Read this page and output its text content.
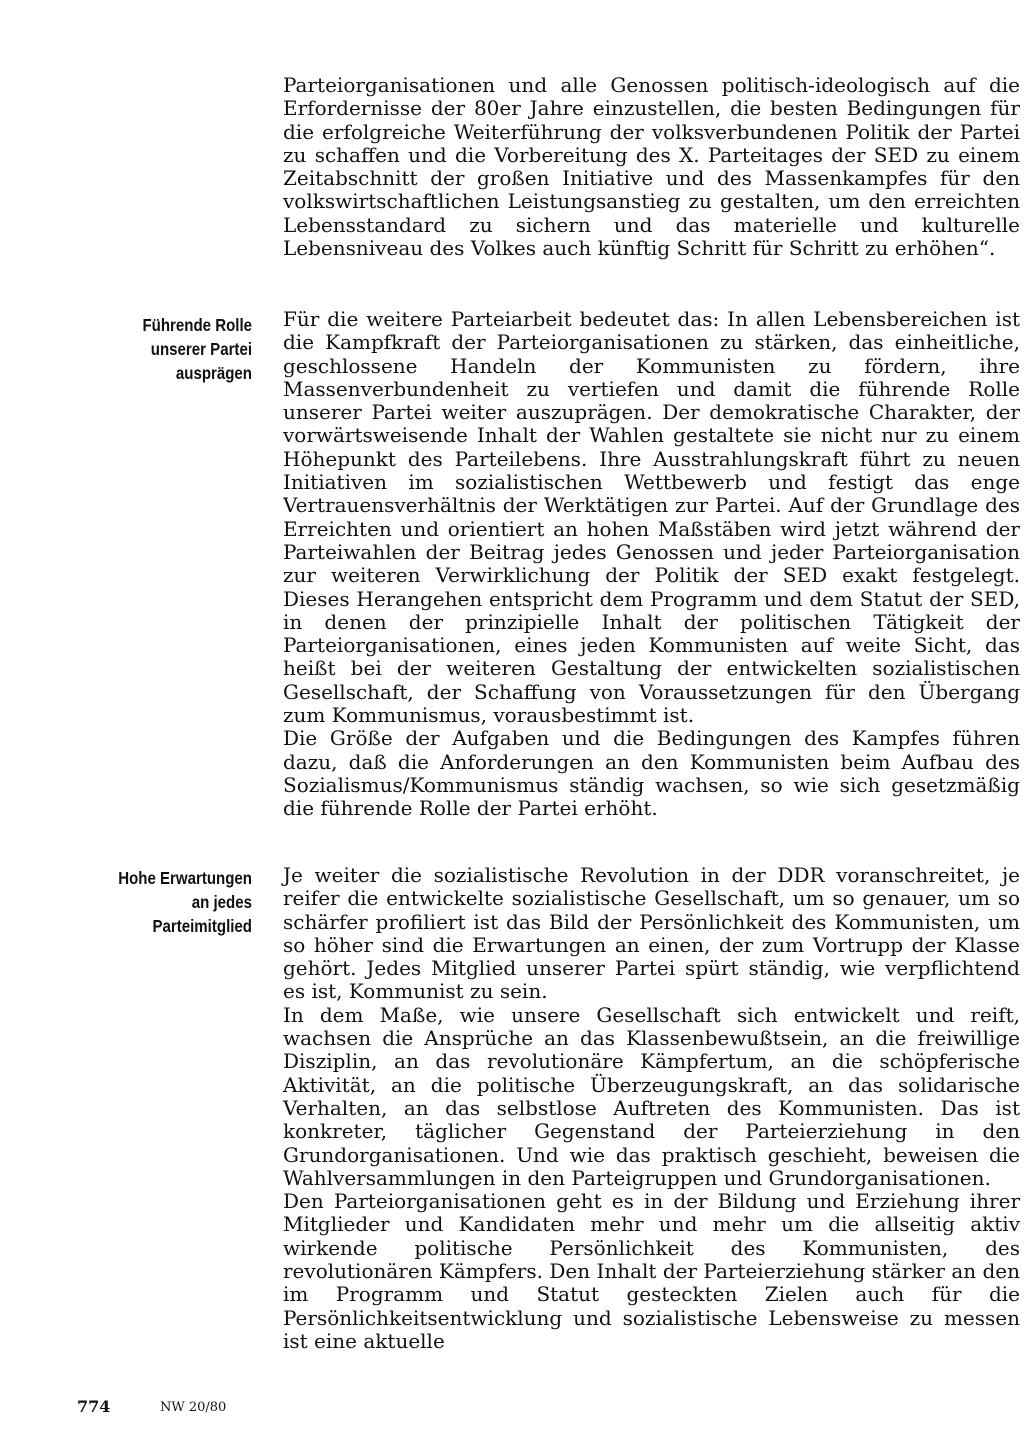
Parteiorganisationen und alle Genossen politisch-ideologisch auf die Erfordernisse der 80er Jahre einzustellen, die besten Bedingungen für die erfolgreiche Weiterführung der volksverbundenen Politik der Partei zu schaffen und die Vorbereitung des X. Parteitages der SED zu einem Zeitabschnitt der großen Initiative und des Massenkampfes für den volkswirtschaftlichen Leistungsanstieg zu gestalten, um den erreichten Lebensstandard zu sichern und das materielle und kulturelle Lebensniveau des Volkes auch künftig Schritt für Schritt zu erhöhen“.

Führende Rolle
unserer Partei
ausprägen
Für die weitere Parteiarbeit bedeutet das: In allen Lebensbereichen ist die Kampfkraft der Parteiorganisationen zu stärken, das einheitliche, geschlossene Handeln der Kommunisten zu fördern, ihre Massenverbundenheit zu vertiefen und damit die führende Rolle unserer Partei weiter auszuprägen. Der demokratische Charakter, der vorwärtsweisende Inhalt der Wahlen gestaltete sie nicht nur zu einem Höhepunkt des Parteilebens. Ihre Ausstrahlungskraft führt zu neuen Initiativen im sozialistischen Wettbewerb und festigt das enge Vertrauensverhältnis der Werktätigen zur Partei. Auf der Grundlage des Erreichten und orientiert an hohen Maßstäben wird jetzt während der Parteiwahlen der Beitrag jedes Genossen und jeder Parteiorganisation zur weiteren Verwirklichung der Politik der SED exakt festgelegt. Dieses Herangehen entspricht dem Programm und dem Statut der SED, in denen der prinzipielle Inhalt der politischen Tätigkeit der Parteiorganisationen, eines jeden Kommunisten auf weite Sicht, das heißt bei der weiteren Gestaltung der entwickelten sozialistischen Gesellschaft, der Schaffung von Voraussetzungen für den Übergang zum Kommunismus, vorausbestimmt ist.
Die Größe der Aufgaben und die Bedingungen des Kampfes führen dazu, daß die Anforderungen an den Kommunisten beim Aufbau des Sozialismus/Kommunismus ständig wachsen, so wie sich gesetzmäßig die führende Rolle der Partei erhöht.
Hohe Erwartungen
an jedes
Parteimitglied
Je weiter die sozialistische Revolution in der DDR voranschreitet, je reifer die entwickelte sozialistische Gesellschaft, um so genauer, um so schärfer profiliert ist das Bild der Persönlichkeit des Kommunisten, um so höher sind die Erwartungen an einen, der zum Vortrupp der Klasse gehört. Jedes Mitglied unserer Partei spürt ständig, wie verpflichtend es ist, Kommunist zu sein.
In dem Maße, wie unsere Gesellschaft sich entwickelt und reift, wachsen die Ansprüche an das Klassenbewußtsein, an die freiwillige Disziplin, an das revolutionäre Kämpfertum, an die schöpferische Aktivität, an die politische Überzeugungskraft, an das solidarische Verhalten, an das selbstlose Auftreten des Kommunisten. Das ist konkreter, täglicher Gegenstand der Parteierziehung in den Grundorganisationen. Und wie das praktisch geschieht, beweisen die Wahlversammlungen in den Parteigruppen und Grundorganisationen.
Den Parteiorganisationen geht es in der Bildung und Erziehung ihrer Mitglieder und Kandidaten mehr und mehr um die allseitig aktiv wirkende politische Persönlichkeit des Kommunisten, des revolutionären Kämpfers. Den Inhalt der Parteierziehung stärker an den im Programm und Statut gesteckten Zielen auch für die Persönlichkeitsentwicklung und sozialistische Lebensweise zu messen ist eine aktuelle
774	NW 20/80
